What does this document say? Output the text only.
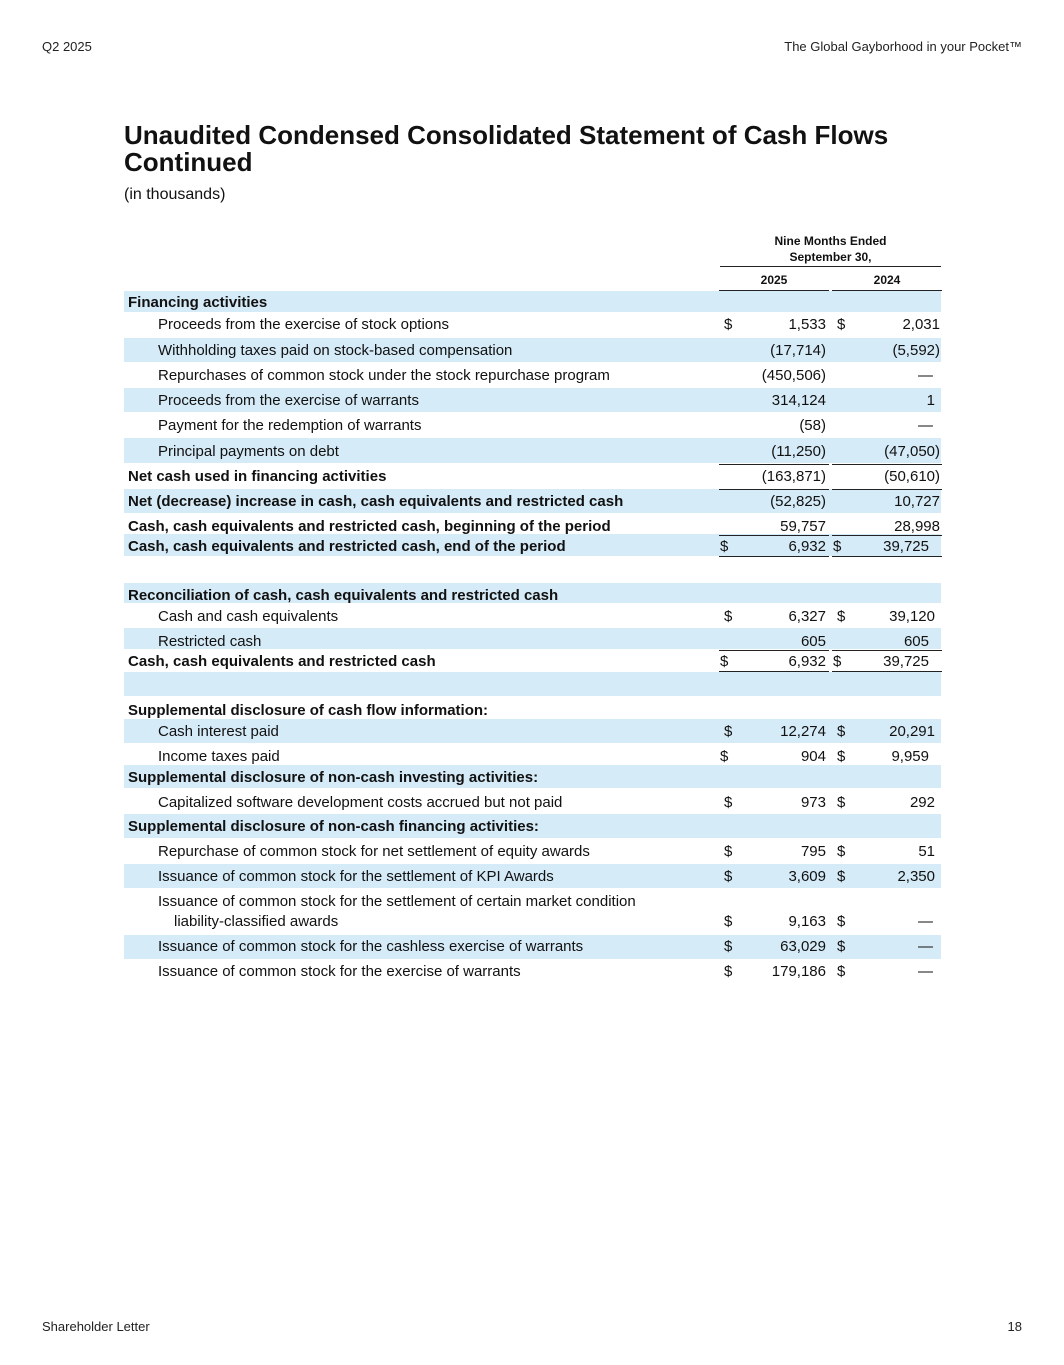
Q2 2025	The Global Gayborhood in your Pocket™
Shareholder Letter	18
Unaudited Condensed Consolidated Statement of Cash Flows Continued
(in thousands)
Nine Months Ended
September 30,
2025	2024
Financing activities
Proceeds from the exercise of stock options	$	1,533 $	2,031
Withholding taxes paid on stock-based compensation	(17,714)	(5,592)
Repurchases of common stock under the stock repurchase program	(450,506)	—
Proceeds from the exercise of warrants	314,124	1
Payment for the redemption of warrants	(58)	—
Principal payments on debt	(11,250)	(47,050)
Net cash used in financing activities	(163,871)	(50,610)
Net (decrease) increase in cash, cash equivalents and restricted cash	(52,825)	10,727
Cash, cash equivalents and restricted cash, beginning of the period	59,757	28,998
Cash, cash equivalents and restricted cash, end of the period	$	6,932 $	39,725
Reconciliation of cash, cash equivalents and restricted cash
Cash and cash equivalents	$	6,327 $	39,120
Restricted cash	605	605
Cash, cash equivalents and restricted cash	$	6,932 $	39,725
Supplemental disclosure of cash flow information:
Cash interest paid	$	12,274 $	20,291
Income taxes paid	$	904 $	9,959
Supplemental disclosure of non-cash investing activities:
Capitalized software development costs accrued but not paid	$	973 $	292
Supplemental disclosure of non-cash financing activities:
Repurchase of common stock for net settlement of equity awards	$	795 $	51
Issuance of common stock for the settlement of KPI Awards	$	3,609 $	2,350
Issuance of common stock for the settlement of certain market condition
liability-classified awards	$	9,163 $	—
Issuance of common stock for the cashless exercise of warrants	$	63,029 $	—
Issuance of common stock for the exercise of warrants	$	179,186 $	—
